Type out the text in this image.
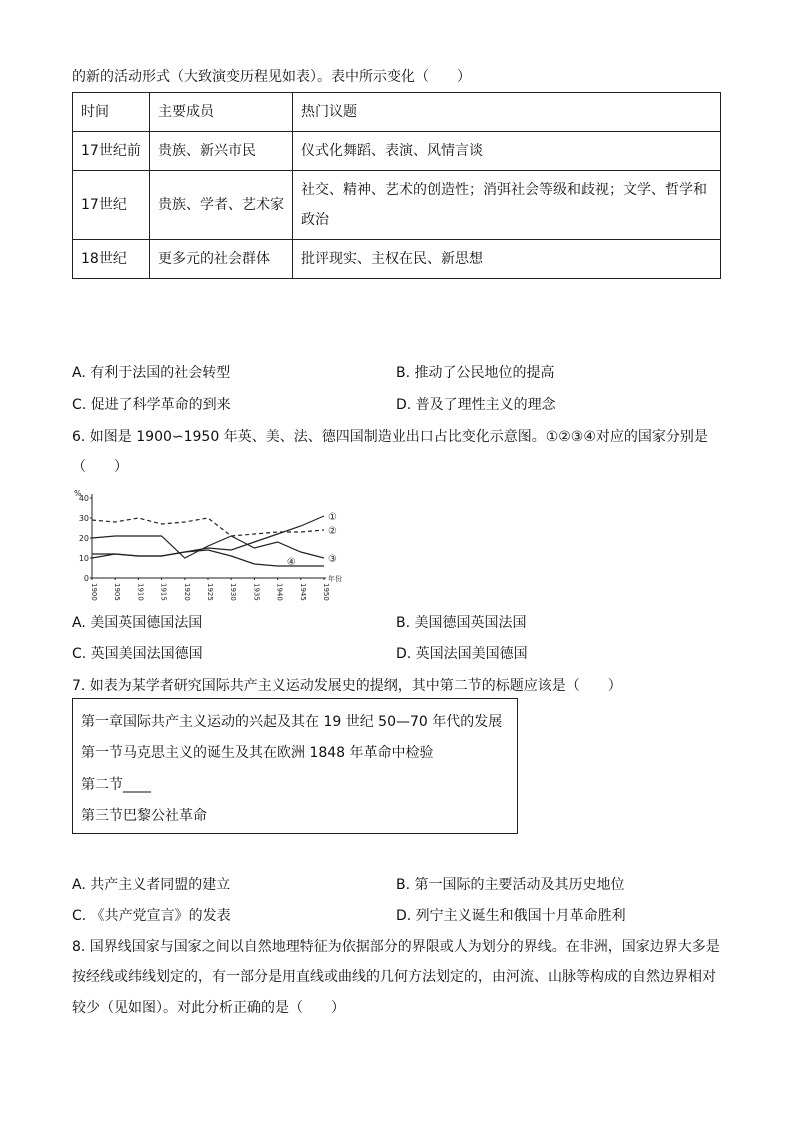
的新的活动形式（大致演变历程见如表）。表中所示变化（　　）
时间	主要成员	热门议题
17世纪前	贵族、新兴市民	仪式化舞蹈、表演、风情言谈
17世纪	贵族、学者、艺术家	社交、精神、艺术的创造性；消弭社会等级和歧视；文学、哲学和政治
18世纪	更多元的社会群体	批评现实、主权在民、新思想
A. 有利于法国的社会转型	B. 推动了公民地位的提高
C. 促进了科学革命的到来	D. 普及了理性主义的理念
6. 如图是 1900∽1950 年英、美、法、德四国制造业出口占比变化示意图。①②③④对应的国家分别是
（　　）
%
0
10
20
30
40
1900 1905 1910 1915 1920 1925 1930 1935 1940 1945 1950
年份
①
②
③
④
A. 美国英国德国法国	B. 美国德国英国法国
C. 英国美国法国德国	D. 英国法国美国德国
7. 如表为某学者研究国际共产主义运动发展史的提纲，其中第二节的标题应该是（　　）
第一章国际共产主义运动的兴起及其在 19 世纪 50—70 年代的发展
第一节马克思主义的诞生及其在欧洲 1848 年革命中检验
第二节____
第三节巴黎公社革命
A. 共产主义者同盟的建立	B. 第一国际的主要活动及其历史地位
C. 《共产党宣言》的发表	D. 列宁主义诞生和俄国十月革命胜利
8. 国界线国家与国家之间以自然地理特征为依据部分的界限或人为划分的界线。在非洲，国家边界大多是
按经线或纬线划定的，有一部分是用直线或曲线的几何方法划定的，由河流、山脉等构成的自然边界相对
较少（见如图）。对此分析正确的是（　　）
